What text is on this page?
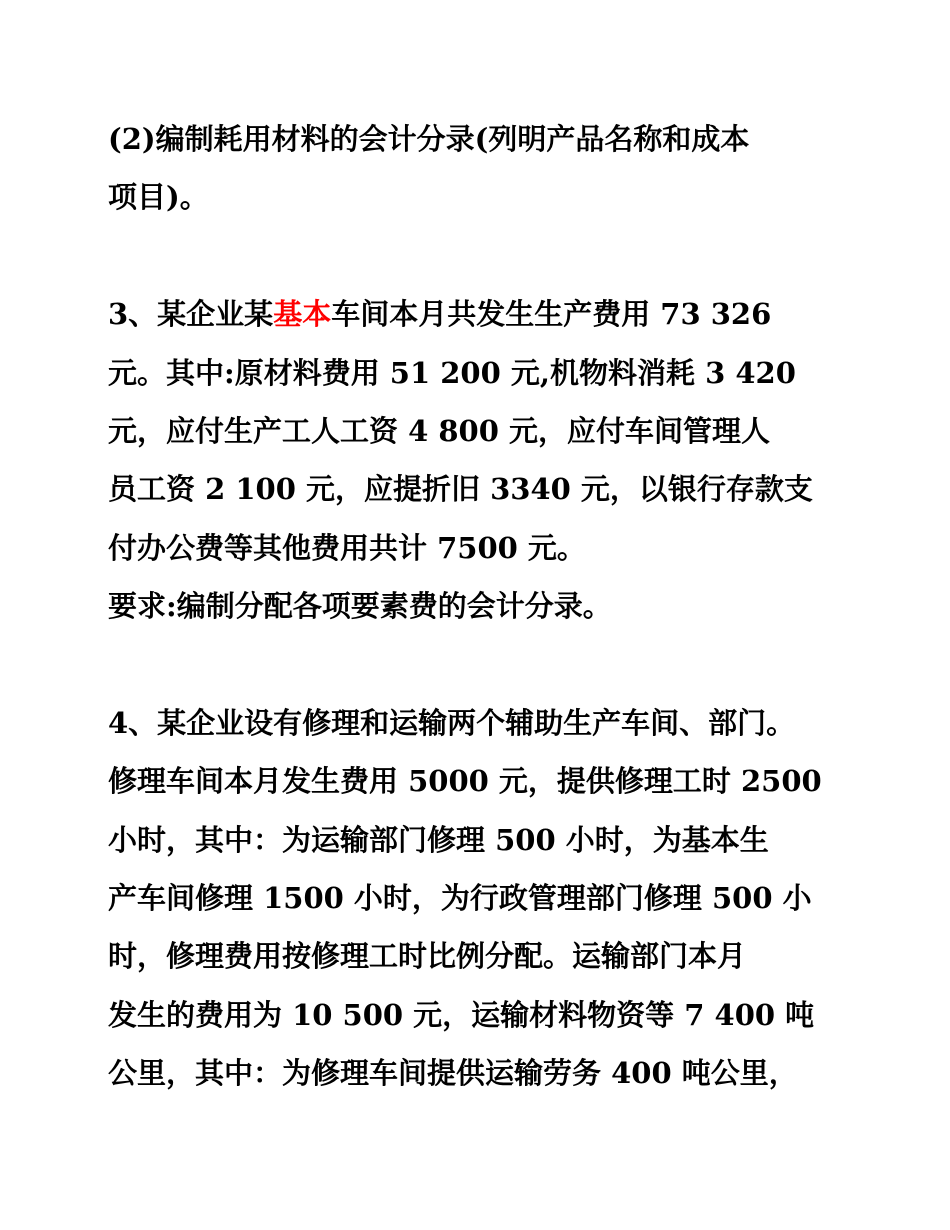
(2)编制耗用材料的会计分录(列明产品名称和成本
项目)。
3、某企业某基本车间本月共发生生产费用 73 326
元。其中:原材料费用 51 200 元,机物料消耗 3 420
元，应付生产工人工资 4 800 元，应付车间管理人
员工资 2 100 元，应提折旧 3340 元，以银行存款支
付办公费等其他费用共计 7500 元。
要求:编制分配各项要素费的会计分录。
4、某企业设有修理和运输两个辅助生产车间、部门。
修理车间本月发生费用 5000 元，提供修理工时 2500
小时，其中：为运输部门修理 500 小时，为基本生
产车间修理 1500 小时，为行政管理部门修理 500 小
时，修理费用按修理工时比例分配。运输部门本月
发生的费用为 10 500 元，运输材料物资等 7 400 吨
公里，其中：为修理车间提供运输劳务 400 吨公里，
